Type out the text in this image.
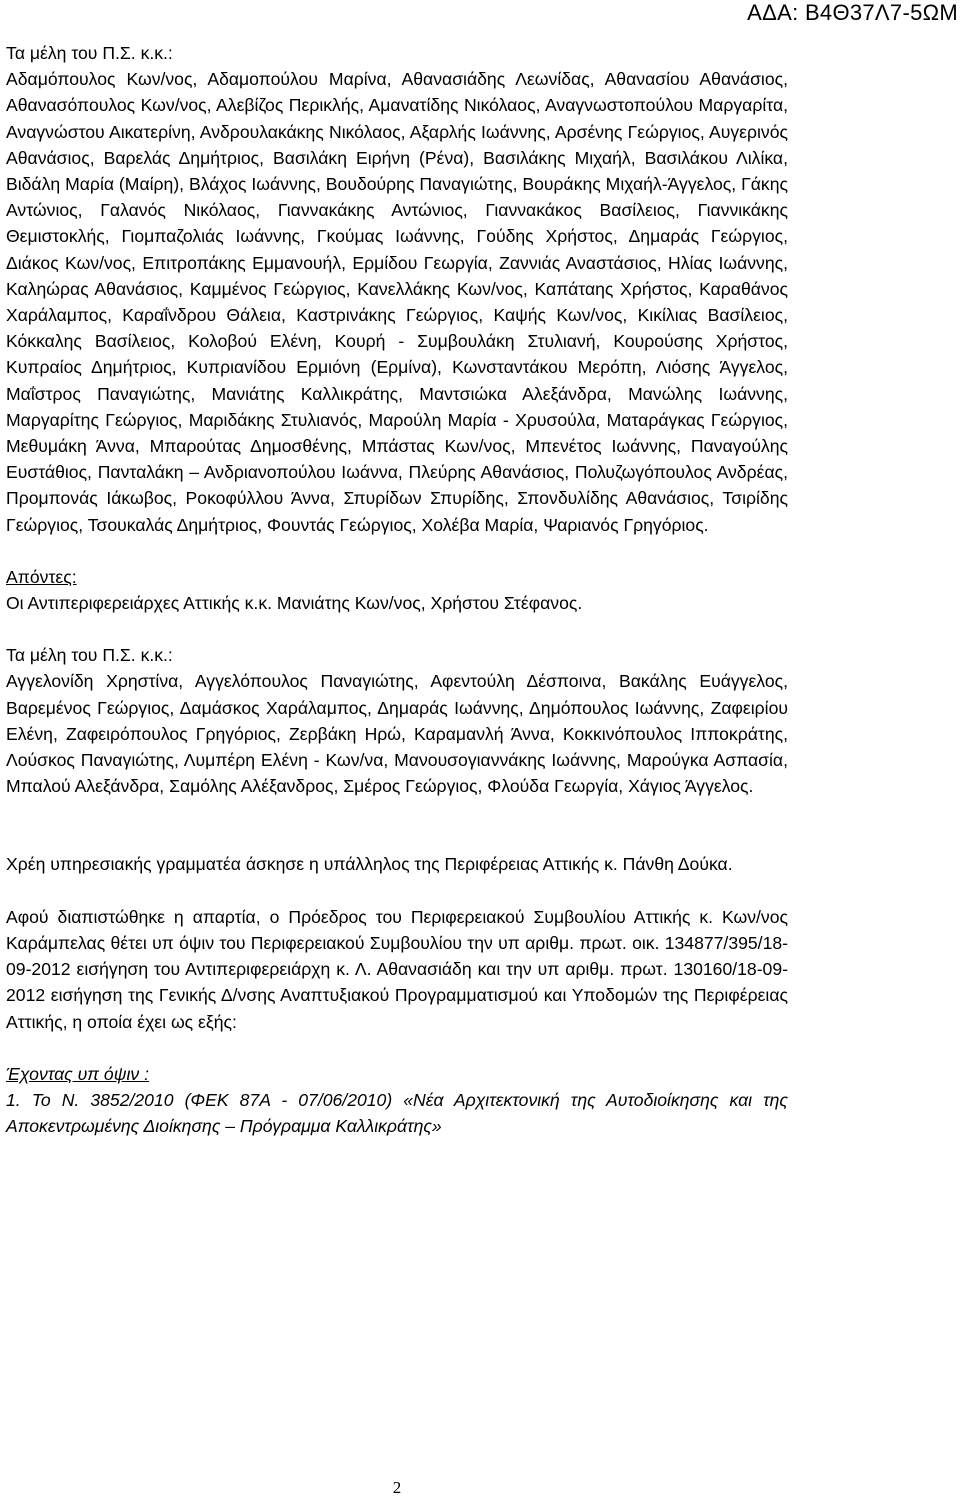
ΑΔΑ: Β4Θ37Λ7-5ΩΜ
Τα μέλη του Π.Σ. κ.κ.:
Αδαμόπουλος Κων/νος, Αδαμοπούλου Μαρίνα, Αθανασιάδης Λεωνίδας, Αθανασίου Αθανάσιος, Αθανασόπουλος Κων/νος, Αλεβίζος Περικλής, Αμανατίδης Νικόλαος, Αναγνωστοπούλου Μαργαρίτα, Αναγνώστου Αικατερίνη, Ανδρουλακάκης Νικόλαος, Αξαρλής Ιωάννης, Αρσένης Γεώργιος, Αυγερινός Αθανάσιος, Βαρελάς Δημήτριος, Βασιλάκη Ειρήνη (Ρένα), Βασιλάκης Μιχαήλ, Βασιλάκου Λιλίκα, Βιδάλη Μαρία (Μαίρη), Βλάχος Ιωάννης, Βουδούρης Παναγιώτης, Βουράκης Μιχαήλ-Άγγελος, Γάκης Αντώνιος, Γαλανός Νικόλαος, Γιαννακάκης Αντώνιος, Γιαννακάκος Βασίλειος, Γιαννικάκης Θεμιστοκλής, Γιομπαζολιάς Ιωάννης, Γκούμας Ιωάννης, Γούδης Χρήστος, Δημαράς Γεώργιος, Διάκος Κων/νος, Επιτροπάκης Εμμανουήλ, Ερμίδου Γεωργία, Ζαννιάς Αναστάσιος, Ηλίας Ιωάννης, Καληώρας Αθανάσιος, Καμμένος Γεώργιος, Κανελλάκης Κων/νος, Καπάταης Χρήστος, Καραθάνος Χαράλαμπος, Καραΐνδρου Θάλεια, Καστρινάκης Γεώργιος, Καψής Κων/νος, Κικίλιας Βασίλειος, Κόκκαλης Βασίλειος, Κολοβού Ελένη, Κουρή - Συμβουλάκη Στυλιανή, Κουρούσης Χρήστος, Κυπραίος Δημήτριος, Κυπριανίδου Ερμιόνη (Ερμίνα), Κωνσταντάκου Μερόπη, Λιόσης Άγγελος, Μαΐστρος Παναγιώτης, Μανιάτης Καλλικράτης, Μαντσιώκα Αλεξάνδρα, Μανώλης Ιωάννης, Μαργαρίτης Γεώργιος, Μαριδάκης Στυλιανός, Μαρούλη Μαρία - Χρυσούλα, Ματαράγκας Γεώργιος, Μεθυμάκη Άννα, Μπαρούτας Δημοσθένης, Μπάστας Κων/νος, Μπενέτος Ιωάννης, Παναγούλης Ευστάθιος, Πανταλάκη – Ανδριανοπούλου Ιωάννα, Πλεύρης Αθανάσιος, Πολυζωγόπουλος Ανδρέας, Προμπονάς Ιάκωβος, Ροκοφύλλου Άννα, Σπυρίδων Σπυρίδης, Σπονδυλίδης Αθανάσιος, Τσιρίδης Γεώργιος, Τσουκαλάς Δημήτριος, Φουντάς Γεώργιος, Χολέβα Μαρία, Ψαριανός Γρηγόριος.
Απόντες:
Οι Αντιπεριφερειάρχες Αττικής κ.κ. Μανιάτης Κων/νος, Χρήστου Στέφανος.
Τα μέλη του Π.Σ. κ.κ.:
Αγγελονίδη Χρηστίνα, Αγγελόπουλος Παναγιώτης, Αφεντούλη Δέσποινα, Βακάλης Ευάγγελος, Βαρεμένος Γεώργιος, Δαμάσκος Χαράλαμπος, Δημαράς Ιωάννης, Δημόπουλος Ιωάννης, Ζαφειρίου Ελένη, Ζαφειρόπουλος Γρηγόριος, Ζερβάκη Ηρώ, Καραμανλή Άννα, Κοκκινόπουλος Ιπποκράτης, Λούσκος Παναγιώτης, Λυμπέρη Ελένη - Κων/να, Μανουσογιαννάκης Ιωάννης, Μαρούγκα Ασπασία, Μπαλού Αλεξάνδρα, Σαμόλης Αλέξανδρος, Σμέρος Γεώργιος, Φλούδα Γεωργία, Χάγιος Άγγελος.
Χρέη υπηρεσιακής γραμματέα άσκησε η υπάλληλος της Περιφέρειας Αττικής κ. Πάνθη Δούκα.
Αφού διαπιστώθηκε η απαρτία, ο Πρόεδρος του Περιφερειακού Συμβουλίου Αττικής κ. Κων/νος Καράμπελας θέτει υπ όψιν του Περιφερειακού Συμβουλίου την υπ αριθμ. πρωτ. οικ. 134877/395/18-09-2012 εισήγηση του Αντιπεριφερειάρχη κ. Λ. Αθανασιάδη και την υπ αριθμ. πρωτ. 130160/18-09-2012 εισήγηση της Γενικής Δ/νσης Αναπτυξιακού Προγραμματισμού και Υποδομών της Περιφέρειας Αττικής, η οποία έχει ως εξής:
Έχοντας υπ όψιν :
1. Το Ν. 3852/2010 (ΦΕΚ 87Α - 07/06/2010) «Νέα Αρχιτεκτονική της Αυτοδιοίκησης και της Αποκεντρωμένης Διοίκησης – Πρόγραμμα Καλλικράτης»
2
